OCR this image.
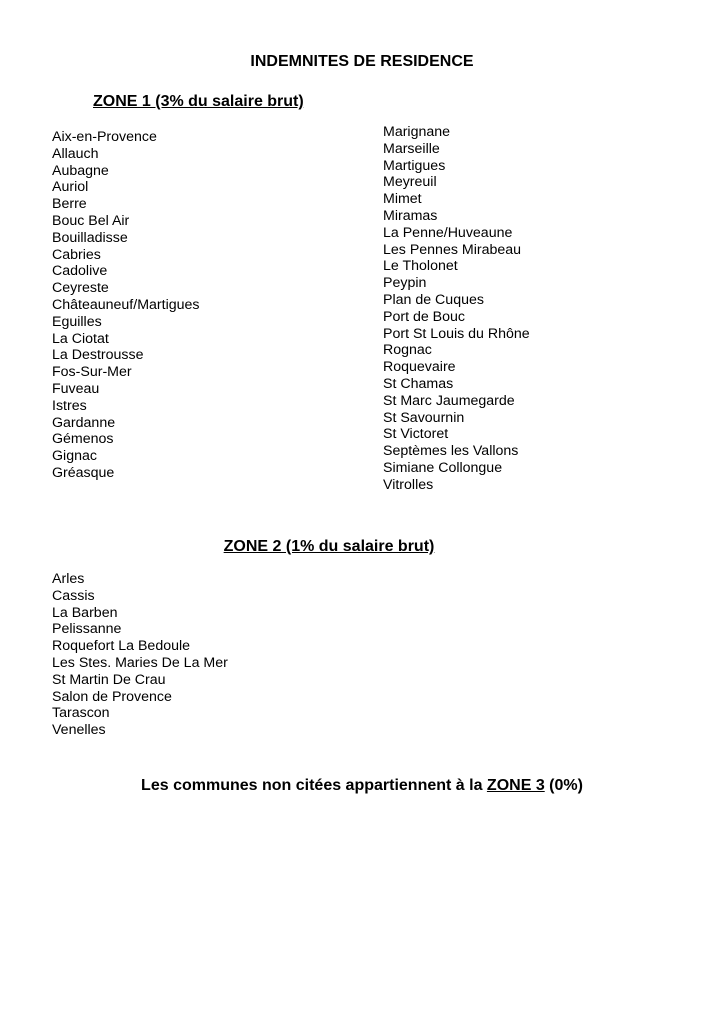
INDEMNITES DE RESIDENCE
ZONE 1 (3% du salaire brut)
Aix-en-Provence
Allauch
Aubagne
Auriol
Berre
Bouc Bel Air
Bouilladisse
Cabries
Cadolive
Ceyreste
Châteauneuf/Martigues
Eguilles
La Ciotat
La Destrousse
Fos-Sur-Mer
Fuveau
Istres
Gardanne
Gémenos
Gignac
Gréasque
Marignane
Marseille
Martigues
Meyreuil
Mimet
Miramas
La Penne/Huveaune
Les Pennes Mirabeau
Le Tholonet
Peypin
Plan de Cuques
Port de Bouc
Port St Louis du Rhône
Rognac
Roquevaire
St Chamas
St Marc Jaumegarde
St Savournin
St Victoret
Septèmes les Vallons
Simiane Collongue
Vitrolles
ZONE 2 (1% du salaire brut)
Arles
Cassis
La Barben
Pelissanne
Roquefort La Bedoule
Les Stes. Maries De La Mer
St Martin De Crau
Salon de Provence
Tarascon
Venelles
Les communes non citées appartiennent à la ZONE 3 (0%)
